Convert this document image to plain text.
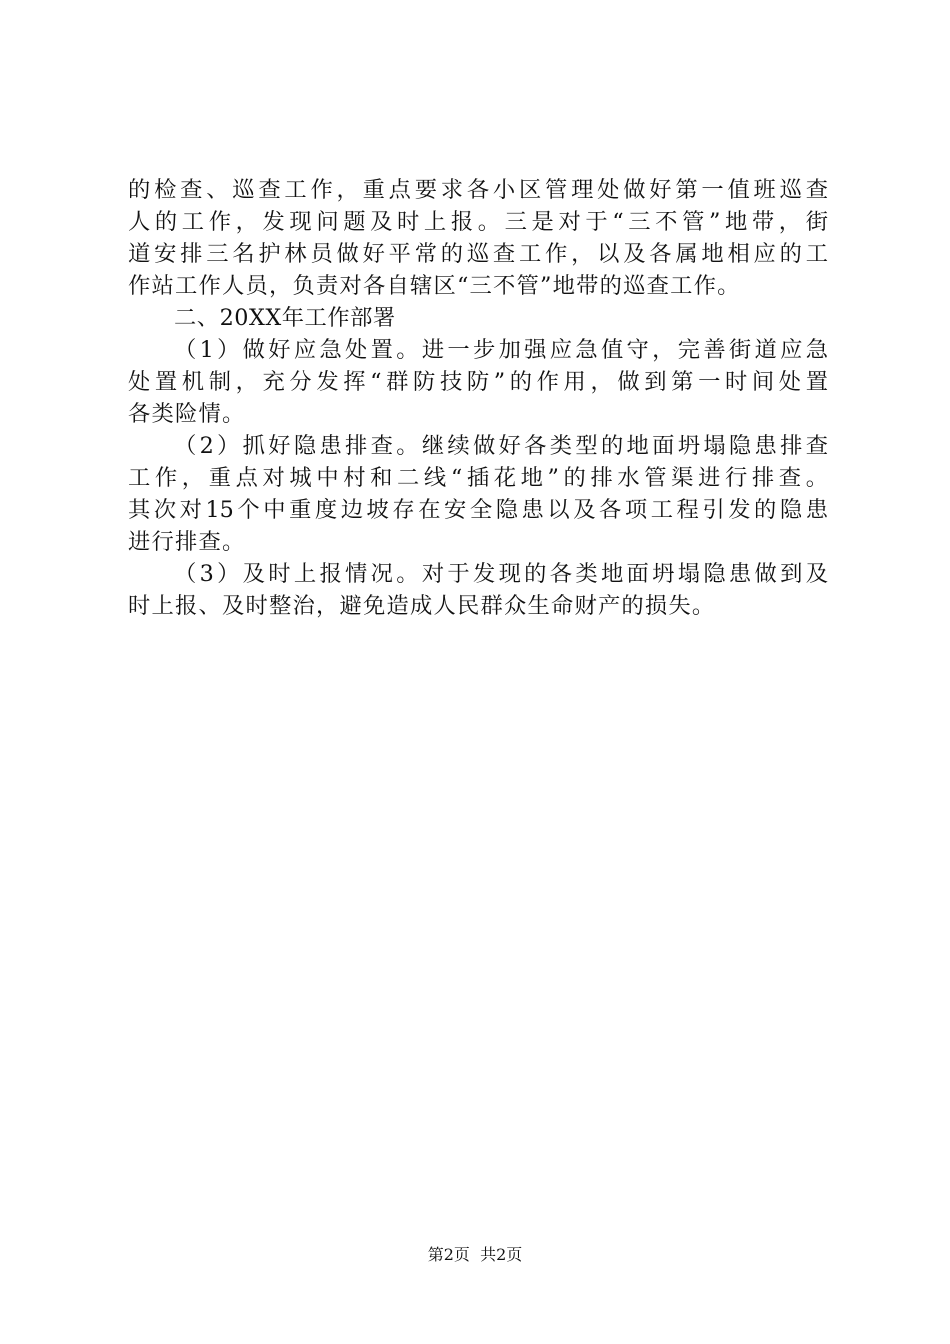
的检查、巡查工作，重点要求各小区管理处做好第一值班巡查
人的工作，发现问题及时上报。三是对于“三不管”地带，街
道安排三名护林员做好平常的巡查工作，以及各属地相应的工
作站工作人员，负责对各自辖区“三不管”地带的巡查工作。
二、20XX年工作部署
（1）做好应急处置。进一步加强应急值守，完善街道应急
处置机制，充分发挥“群防技防”的作用，做到第一时间处置
各类险情。
（2）抓好隐患排查。继续做好各类型的地面坍塌隐患排查
工作，重点对城中村和二线“插花地”的排水管渠进行排查。
其次对15个中重度边坡存在安全隐患以及各项工程引发的隐患
进行排查。
（3）及时上报情况。对于发现的各类地面坍塌隐患做到及
时上报、及时整治，避免造成人民群众生命财产的损失。
第2页  共2页
